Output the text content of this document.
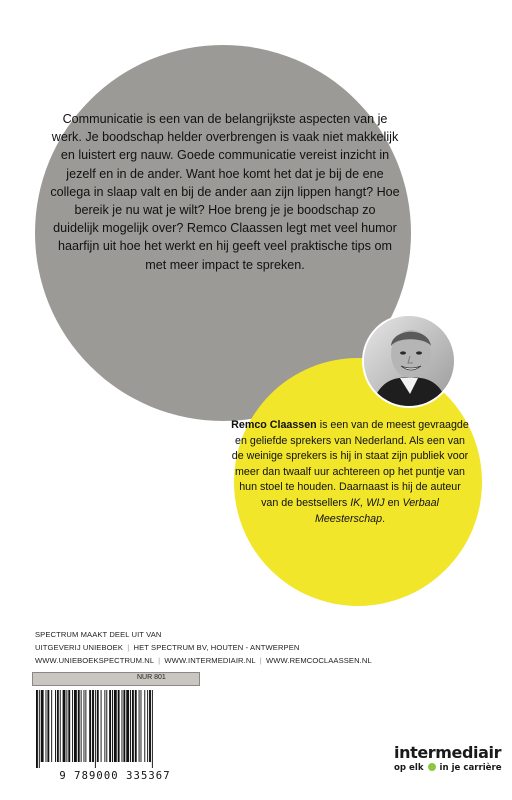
Communicatie is een van de belangrijkste aspecten van je werk. Je boodschap helder overbrengen is vaak niet makkelijk en luistert erg nauw. Goede communicatie vereist inzicht in jezelf en in de ander. Want hoe komt het dat je bij de ene collega in slaap valt en bij de ander aan zijn lippen hangt? Hoe bereik je nu wat je wilt? Hoe breng je je boodschap zo duidelijk mogelijk over? Remco Claassen legt met veel humor haarfijn uit hoe het werkt en hij geeft veel praktische tips om met meer impact te spreken.

Remco Claassen is een van de meest gevraagde en geliefde sprekers van Nederland. Als een van de weinige sprekers is hij in staat zijn publiek voor meer dan twaalf uur achtereen op het puntje van hun stoel te houden. Daarnaast is hij de auteur van de bestsellers IK, WIJ en Verbaal Meesterschap.

SPECTRUM MAAKT DEEL UIT VAN
UITGEVERIJ UNIEBOEK | HET SPECTRUM BV, HOUTEN - ANTWERPEN
WWW.UNIEBOEKSPECTRUM.NL | WWW.INTERMEDIAIR.NL | WWW.REMCOCLAASSEN.NL
NUR 801
9 789000 335367
intermediair
op elk in je carrière
